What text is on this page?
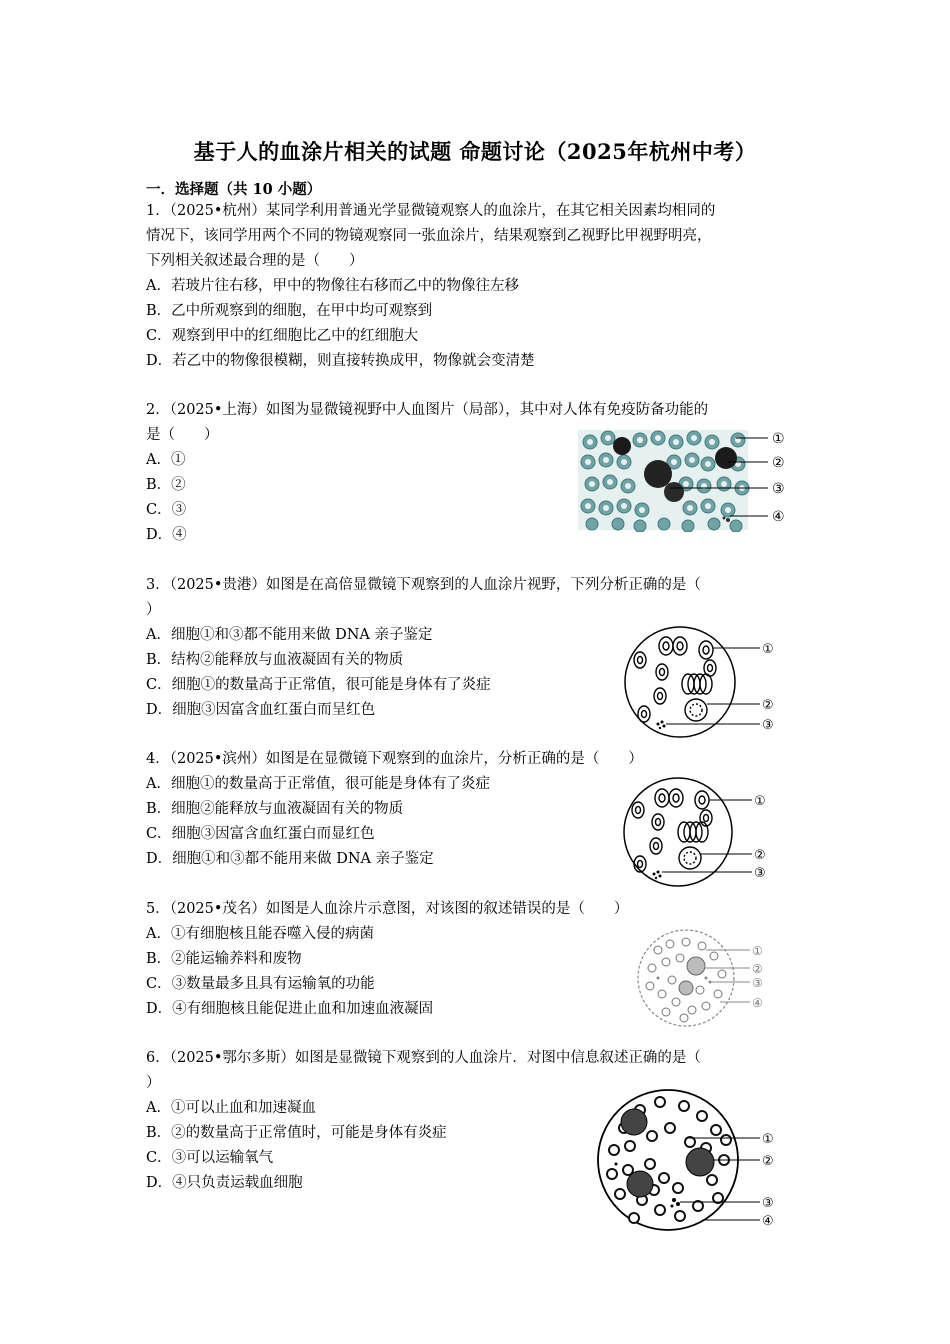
基于人的血涂片相关的试题 命题讨论（2025年杭州中考）
一．选择题（共 10 小题）
1．（2025•杭州）某同学利用普通光学显微镜观察人的血涂片，在其它相关因素均相同的
情况下，该同学用两个不同的物镜观察同一张血涂片，结果观察到乙视野比甲视野明亮，
下列相关叙述最合理的是（　　）
A．若玻片往右移，甲中的物像往右移而乙中的物像往左移
B．乙中所观察到的细胞，在甲中均可观察到
C．观察到甲中的红细胞比乙中的红细胞大
D．若乙中的物像很模糊，则直接转换成甲，物像就会变清楚
2．（2025•上海）如图为显微镜视野中人血图片（局部），其中对人体有免疫防备功能的
是（　　）
A．①
B．②
C．③
D．④
①
②
③
④
3．（2025•贵港）如图是在高倍显微镜下观察到的人血涂片视野，下列分析正确的是（
）
A．细胞①和③都不能用来做 DNA 亲子鉴定
B．结构②能释放与血液凝固有关的物质
C．细胞①的数量高于正常值，很可能是身体有了炎症
D．细胞③因富含血红蛋白而呈红色
①
②
③
4．（2025•滨州）如图是在显微镜下观察到的血涂片，分析正确的是（　　）
A．细胞①的数量高于正常值，很可能是身体有了炎症
B．细胞②能释放与血液凝固有关的物质
C．细胞③因富含血红蛋白而显红色
D．细胞①和③都不能用来做 DNA 亲子鉴定
①
②
③
5．（2025•茂名）如图是人血涂片示意图，对该图的叙述错误的是（　　）
A．①有细胞核且能吞噬入侵的病菌
B．②能运输养料和废物
C．③数量最多且具有运输氧的功能
D．④有细胞核且能促进止血和加速血液凝固
①
②
③
④
6．（2025•鄂尔多斯）如图是显微镜下观察到的人血涂片．对图中信息叙述正确的是（
）
A．①可以止血和加速凝血
B．②的数量高于正常值时，可能是身体有炎症
C．③可以运输氧气
D．④只负责运载血细胞
①
②
③
④
